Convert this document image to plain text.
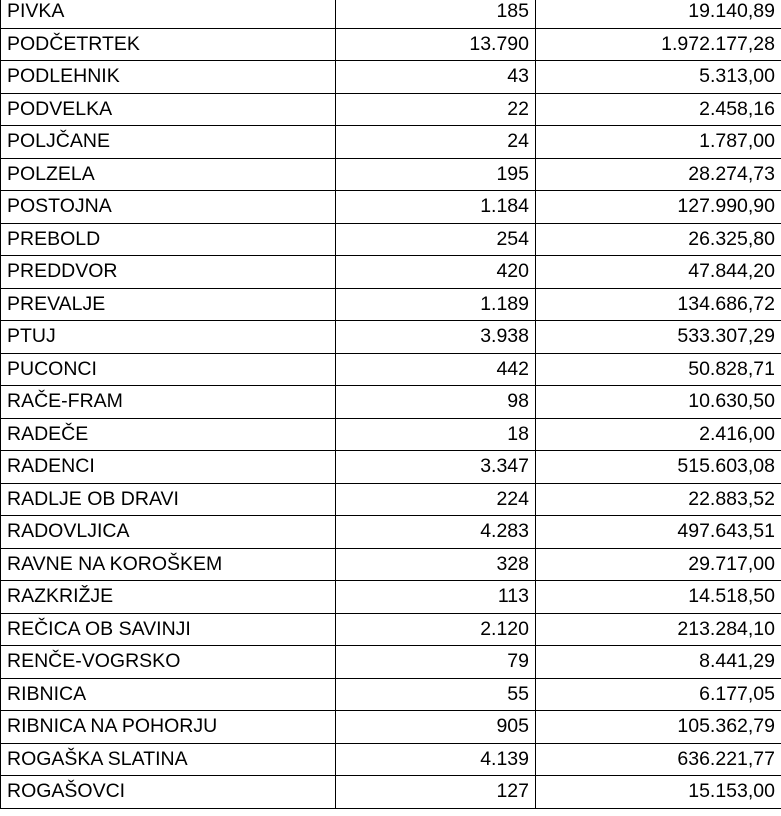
PIVKA	185	19.140,89
PODČETRTEK	13.790	1.972.177,28
PODLEHNIK	43	5.313,00
PODVELKA	22	2.458,16
POLJČANE	24	1.787,00
POLZELA	195	28.274,73
POSTOJNA	1.184	127.990,90
PREBOLD	254	26.325,80
PREDDVOR	420	47.844,20
PREVALJE	1.189	134.686,72
PTUJ	3.938	533.307,29
PUCONCI	442	50.828,71
RAČE-FRAM	98	10.630,50
RADEČE	18	2.416,00
RADENCI	3.347	515.603,08
RADLJE OB DRAVI	224	22.883,52
RADOVLJICA	4.283	497.643,51
RAVNE NA KOROŠKEM	328	29.717,00
RAZKRIŽJE	113	14.518,50
REČICA OB SAVINJI	2.120	213.284,10
RENČE-VOGRSKO	79	8.441,29
RIBNICA	55	6.177,05
RIBNICA NA POHORJU	905	105.362,79
ROGAŠKA SLATINA	4.139	636.221,77
ROGAŠOVCI	127	15.153,00
